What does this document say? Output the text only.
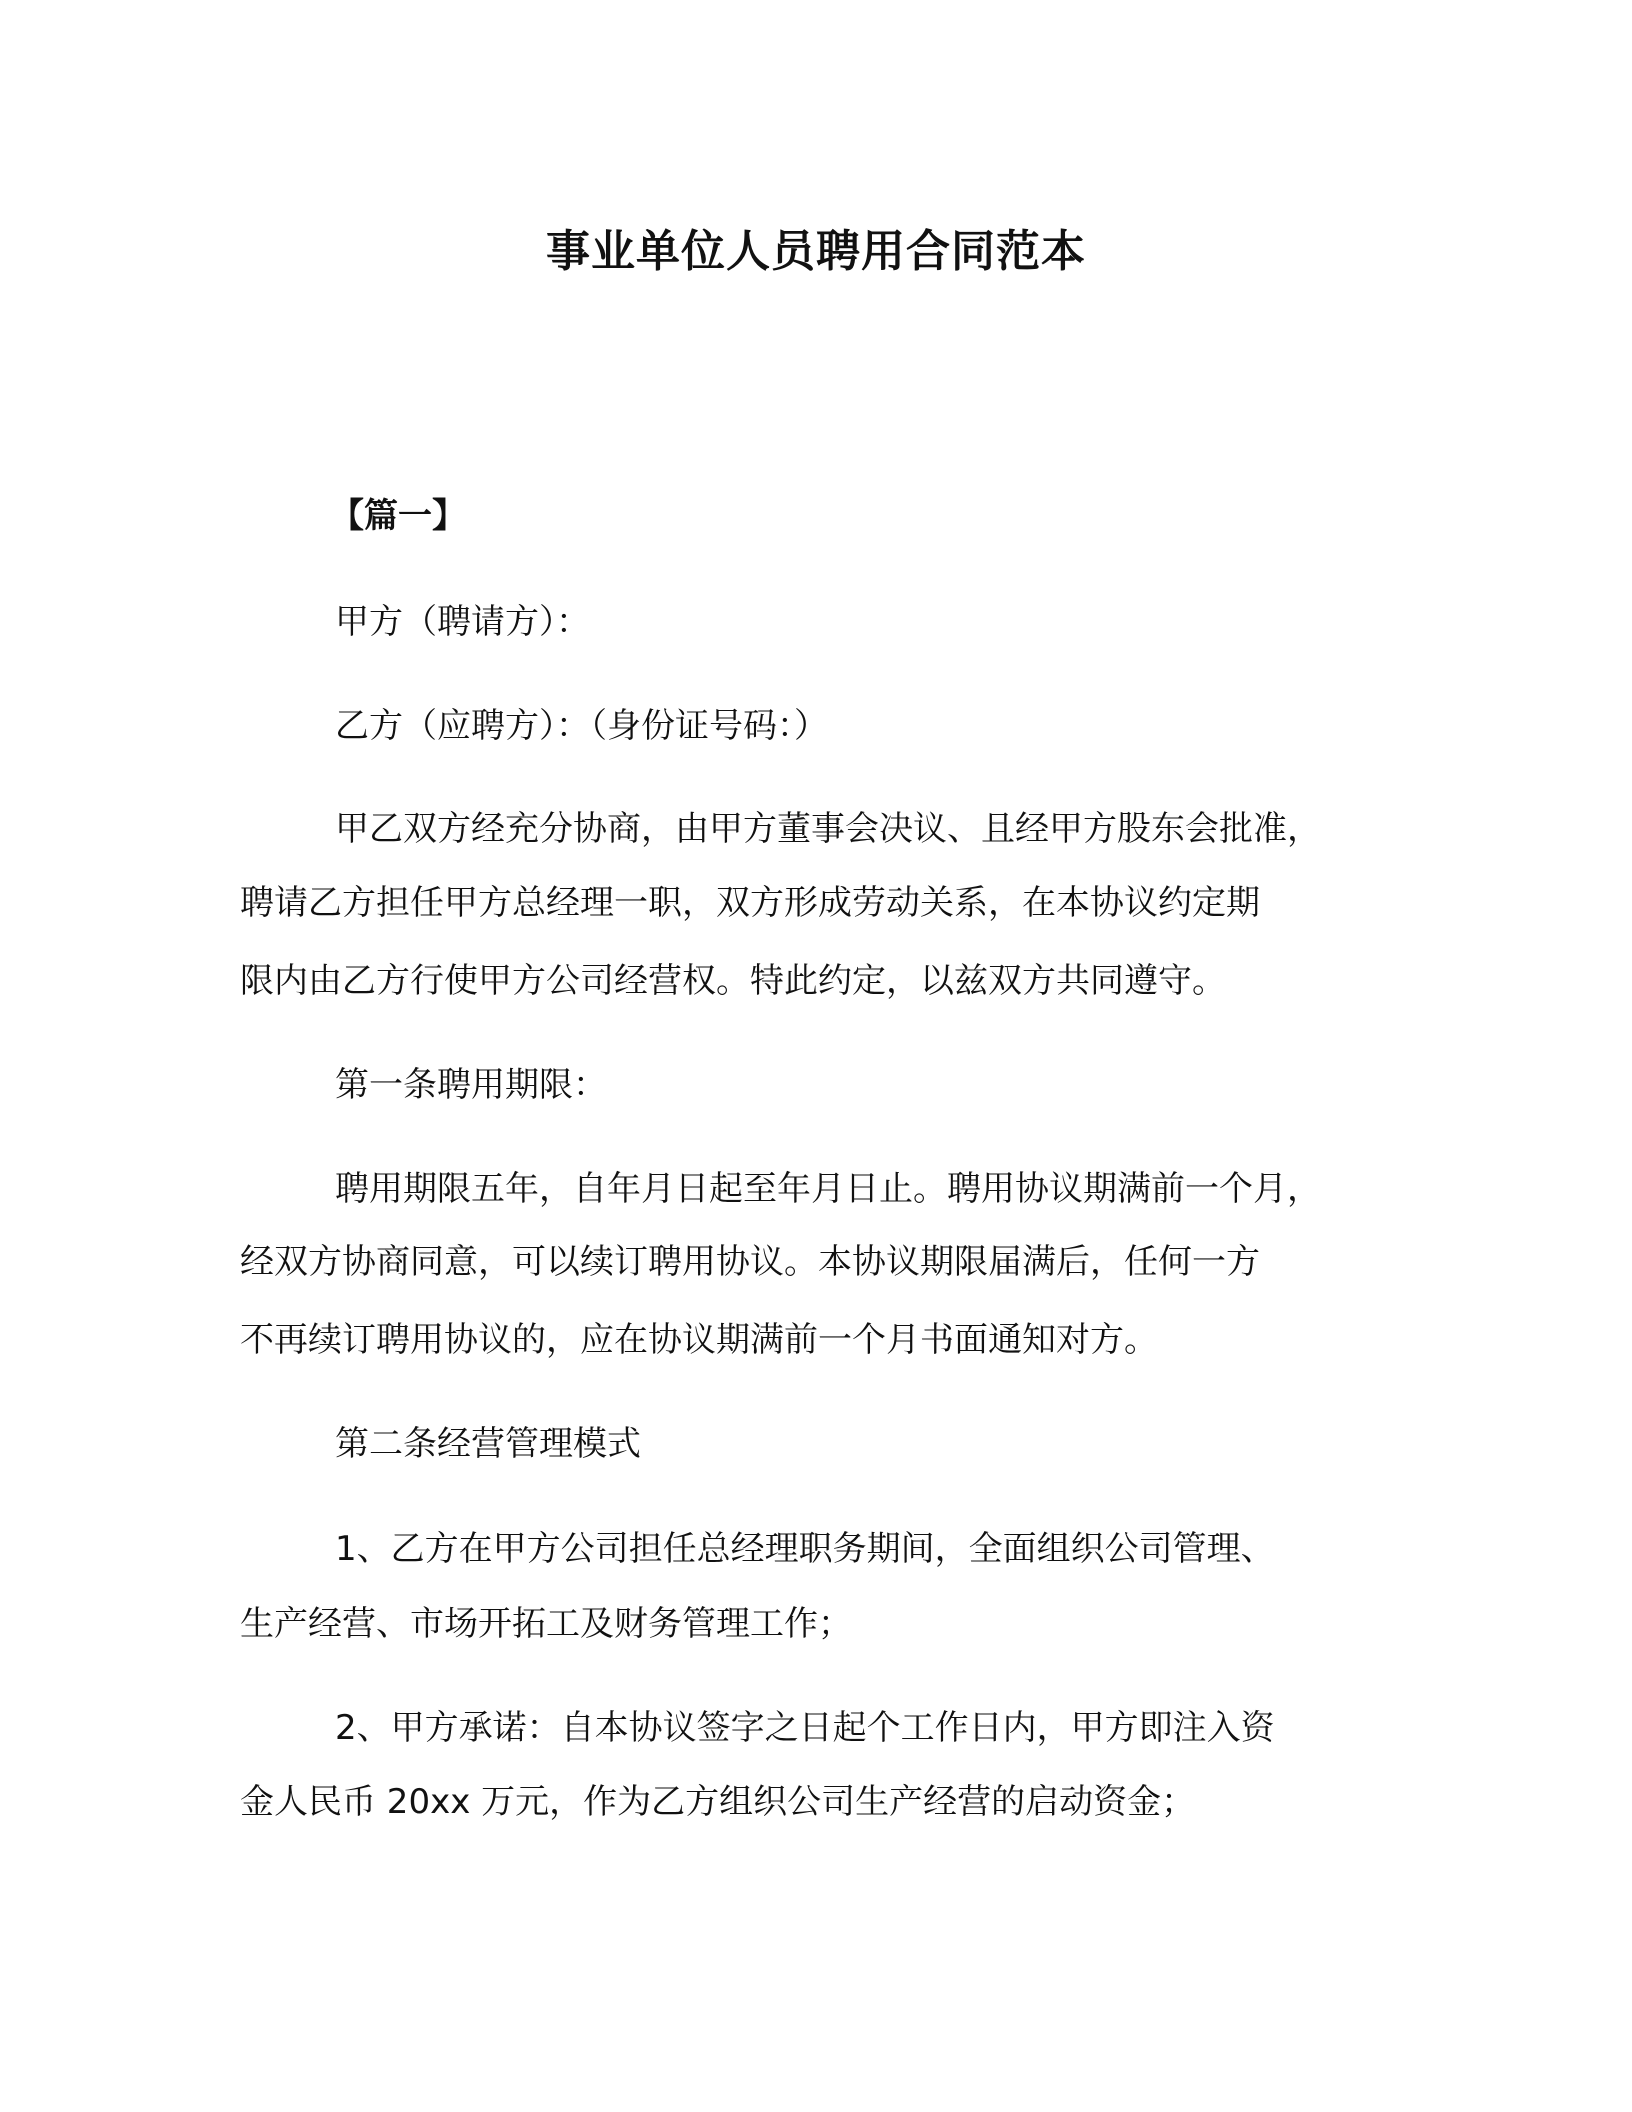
事业单位人员聘用合同范本
【篇一】
甲方（聘请方）：
乙方（应聘方）：（身份证号码：）
甲乙双方经充分协商，由甲方董事会决议、且经甲方股东会批准，
聘请乙方担任甲方总经理一职，双方形成劳动关系，在本协议约定期
限内由乙方行使甲方公司经营权。特此约定，以兹双方共同遵守。
第一条聘用期限：
聘用期限五年，自年月日起至年月日止。聘用协议期满前一个月，
经双方协商同意，可以续订聘用协议。本协议期限届满后，任何一方
不再续订聘用协议的，应在协议期满前一个月书面通知对方。
第二条经营管理模式
1、乙方在甲方公司担任总经理职务期间，全面组织公司管理、
生产经营、市场开拓工及财务管理工作；
2、甲方承诺：自本协议签字之日起个工作日内，甲方即注入资
金人民币 20xx 万元，作为乙方组织公司生产经营的启动资金；
